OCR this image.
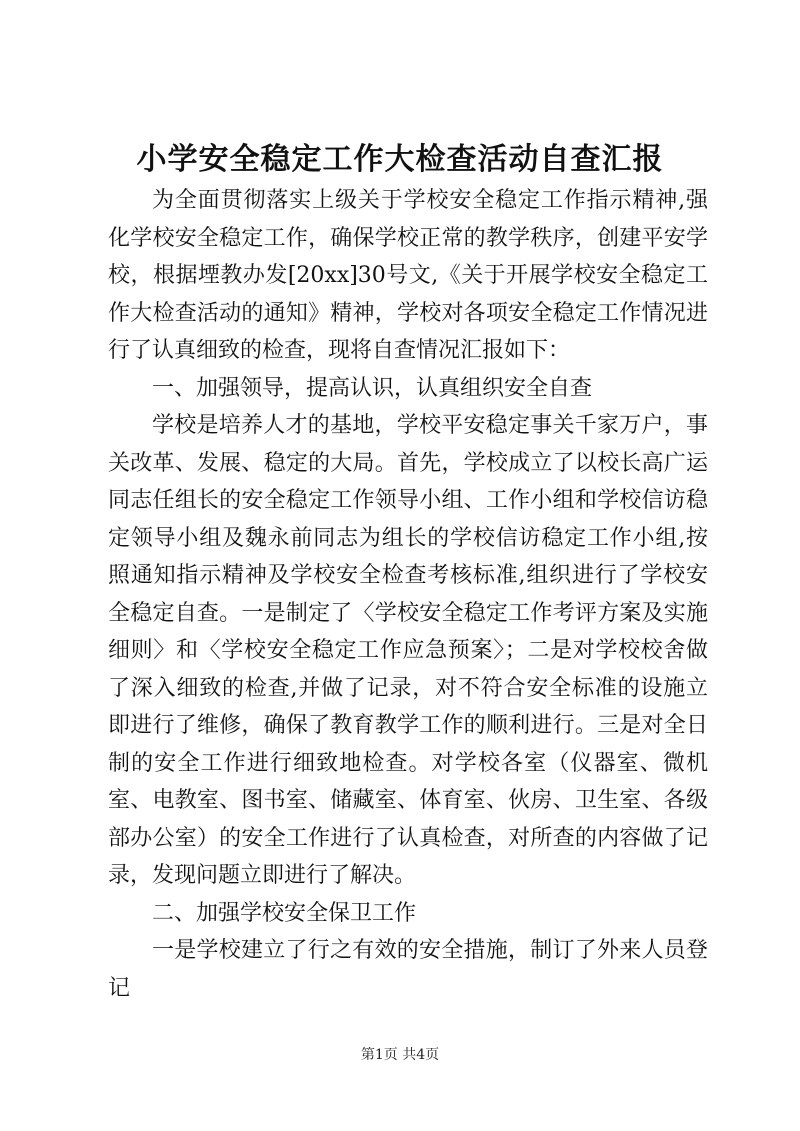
小学安全稳定工作大检查活动自查汇报

为全面贯彻落实上级关于学校安全稳定工作指示精神,强化学校安全稳定工作，确保学校正常的教学秩序，创建平安学校，根据堙教办发[20xx]30号文,《关于开展学校安全稳定工作大检查活动的通知》精神，学校对各项安全稳定工作情况进行了认真细致的检查，现将自查情况汇报如下：

一、加强领导，提高认识，认真组织安全自查

学校是培养人才的基地，学校平安稳定事关千家万户，事关改革、发展、稳定的大局。首先，学校成立了以校长高广运同志任组长的安全稳定工作领导小组、工作小组和学校信访稳定领导小组及魏永前同志为组长的学校信访稳定工作小组,按照通知指示精神及学校安全检查考核标准,组织进行了学校安全稳定自查。一是制定了〈学校安全稳定工作考评方案及实施细则〉和〈学校安全稳定工作应急预案〉；二是对学校校舍做了深入细致的检查,并做了记录，对不符合安全标准的设施立即进行了维修，确保了教育教学工作的顺利进行。三是对全日制的安全工作进行细致地检查。对学校各室（仪器室、微机室、电教室、图书室、储藏室、体育室、伙房、卫生室、各级部办公室）的安全工作进行了认真检查，对所查的内容做了记录，发现问题立即进行了解决。

二、加强学校安全保卫工作

一是学校建立了行之有效的安全措施，制订了外来人员登记

第1页 共4页
